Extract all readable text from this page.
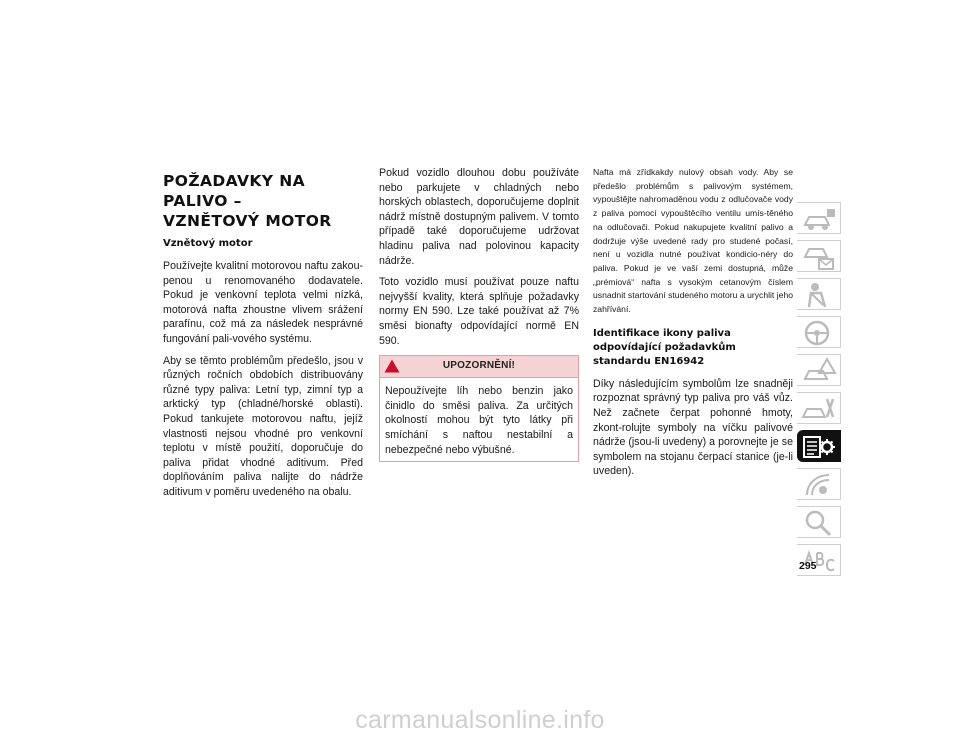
POŽADAVKY NA PALIVO –
VZNĚTOVÝ MOTOR
Vznětový motor

Používejte kvalitní motorovou naftu zakou-penou u renomovaného dodavatele. Pokud je venkovní teplota velmi nízká, motorová nafta zhoustne vlivem srážení parafínu, což má za následek nesprávné fungování pali-vového systému.

Aby se těmto problémům předešlo, jsou v různých ročních obdobích distribuovány různé typy paliva: Letní typ, zimní typ a arktický typ (chladné/horské oblasti). Pokud tankujete motorovou naftu, jejíž vlastnosti nejsou vhodné pro venkovní teplotu v místě použití, doporučuje do paliva přidat vhodné aditivum. Před doplňováním paliva nalijte do nádrže aditivum v poměru uvedeného na obalu.

Pokud vozidlo dlouhou dobu používáte nebo parkujete v chladných nebo horských oblastech, doporučujeme doplnit nádrž místně dostupným palivem. V tomto případě také doporučujeme udržovat hladinu paliva nad polovinou kapacity nádrže.

Toto vozidlo musí používat pouze naftu nejvyšší kvality, která splňuje požadavky normy EN 590. Lze také používat až 7% směsi bionafty odpovídající normě EN 590.

UPOZORNĚNÍ!
Nepoužívejte líh nebo benzin jako činidlo do směsi paliva. Za určitých okolností mohou být tyto látky při smíchání s naftou nestabilní a nebezpečné nebo výbušné.

Nafta má zřídkakdy nulový obsah vody. Aby se předešlo problémům s palivovým systémem, vypouštějte nahromaděnou vodu z odlučovače vody z paliva pomocí vypouštěcího ventilu umís-těného na odlučovači. Pokud nakupujete kvalitní palivo a dodržuje výše uvedené rady pro studené počasí, není u vozidla nutné používat kondicio-néry do paliva. Pokud je ve vaší zemi dostupná, může „prémiová“ nafta s vysokým cetanovým číslem usnadnit startování studeného motoru a urychlit jeho zahřívání.

Identifikace ikony paliva odpovídající požadavkům standardu EN16942

Díky následujícím symbolům lze snadněji rozpoznat správný typ paliva pro váš vůz. Než začnete čerpat pohonné hmoty, zkont-rolujte symboly na víčku palivové nádrže (jsou-li uvedeny) a porovnejte je se symbolem na stojanu čerpací stanice (je-li uveden).

295
carmanualsonline.info
